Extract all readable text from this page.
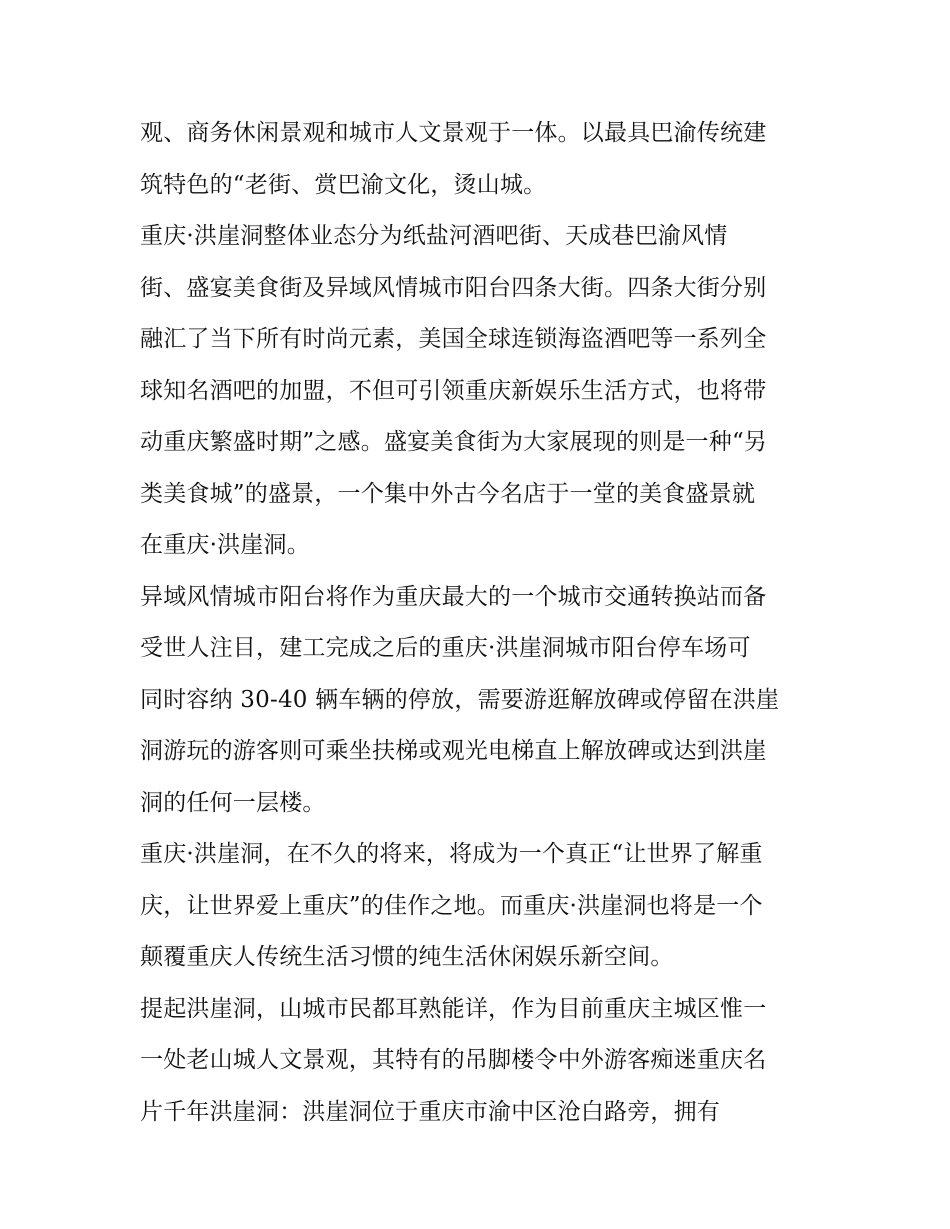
观、商务休闲景观和城市人文景观于一体。以最具巴渝传统建
筑特色的“老街、赏巴渝文化，烫山城。
重庆·洪崖洞整体业态分为纸盐河酒吧街、天成巷巴渝风情
街、盛宴美食街及异域风情城市阳台四条大街。四条大街分别
融汇了当下所有时尚元素，美国全球连锁海盗酒吧等一系列全
球知名酒吧的加盟，不但可引领重庆新娱乐生活方式，也将带
动重庆繁盛时期”之感。盛宴美食街为大家展现的则是一种“另
类美食城”的盛景，一个集中外古今名店于一堂的美食盛景就
在重庆·洪崖洞。
异域风情城市阳台将作为重庆最大的一个城市交通转换站而备
受世人注目，建工完成之后的重庆·洪崖洞城市阳台停车场可
同时容纳 30-40 辆车辆的停放，需要游逛解放碑或停留在洪崖
洞游玩的游客则可乘坐扶梯或观光电梯直上解放碑或达到洪崖
洞的任何一层楼。
重庆·洪崖洞，在不久的将来，将成为一个真正“让世界了解重
庆，让世界爱上重庆”的佳作之地。而重庆·洪崖洞也将是一个
颠覆重庆人传统生活习惯的纯生活休闲娱乐新空间。
提起洪崖洞，山城市民都耳熟能详，作为目前重庆主城区惟一
一处老山城人文景观，其特有的吊脚楼令中外游客痴迷重庆名
片千年洪崖洞：洪崖洞位于重庆市渝中区沧白路旁，拥有
